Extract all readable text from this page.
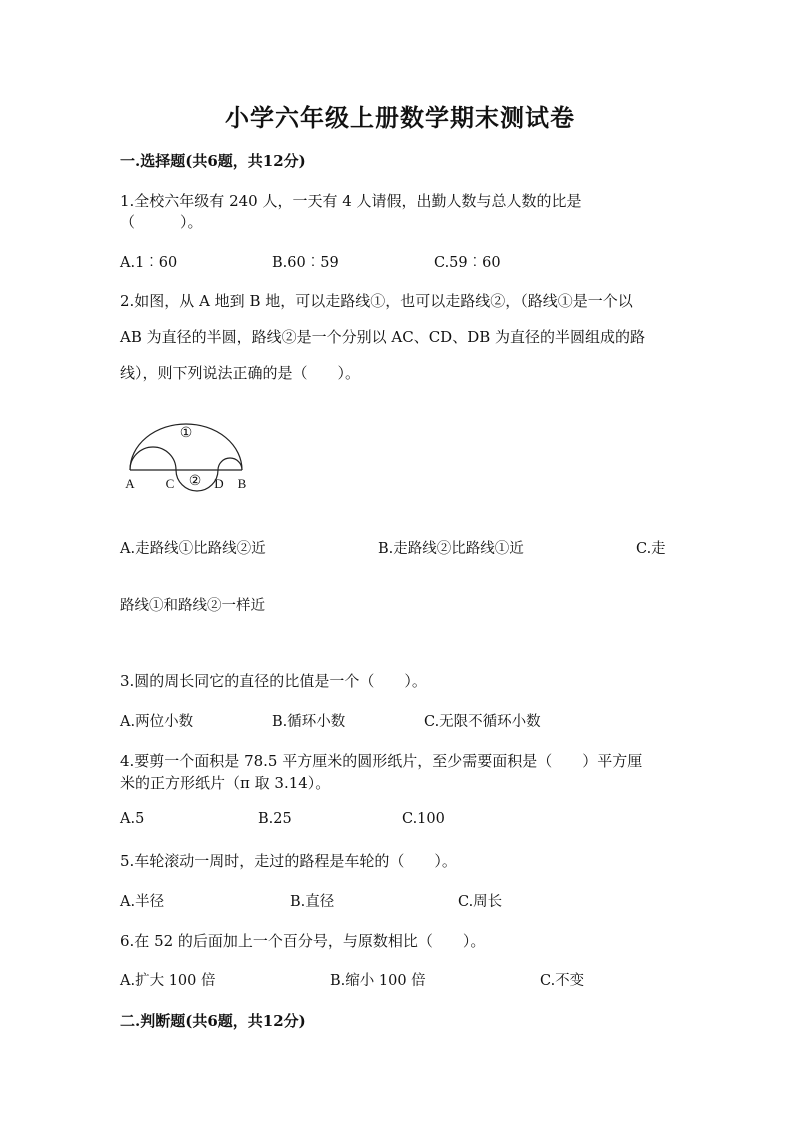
小学六年级上册数学期末测试卷
一.选择题(共6题，共12分)
1.全校六年级有 240 人，一天有 4 人请假，出勤人数与总人数的比是
（　　　）。
A.1︰60	B.60︰59	C.59︰60
2.如图，从 A 地到 B 地，可以走路线①，也可以走路线②，（路线①是一个以
AB 为直径的半圆，路线②是一个分别以 AC、CD、DB 为直径的半圆组成的路
线），则下列说法正确的是（　　）。
①
②
A C	D B
A.走路线①比路线②近	B.走路线②比路线①近	C.走
路线①和路线②一样近
3.圆的周长同它的直径的比值是一个（　　）。
A.两位小数	B.循环小数	C.无限不循环小数
4.要剪一个面积是 78.5 平方厘米的圆形纸片，至少需要面积是（　　）平方厘
米的正方形纸片（π 取 3.14）。
A.5	B.25	C.100
5.车轮滚动一周时，走过的路程是车轮的（　　）。
A.半径	B.直径	C.周长
6.在 52 的后面加上一个百分号，与原数相比（　　）。
A.扩大 100 倍	B.缩小 100 倍	C.不变
二.判断题(共6题，共12分)
